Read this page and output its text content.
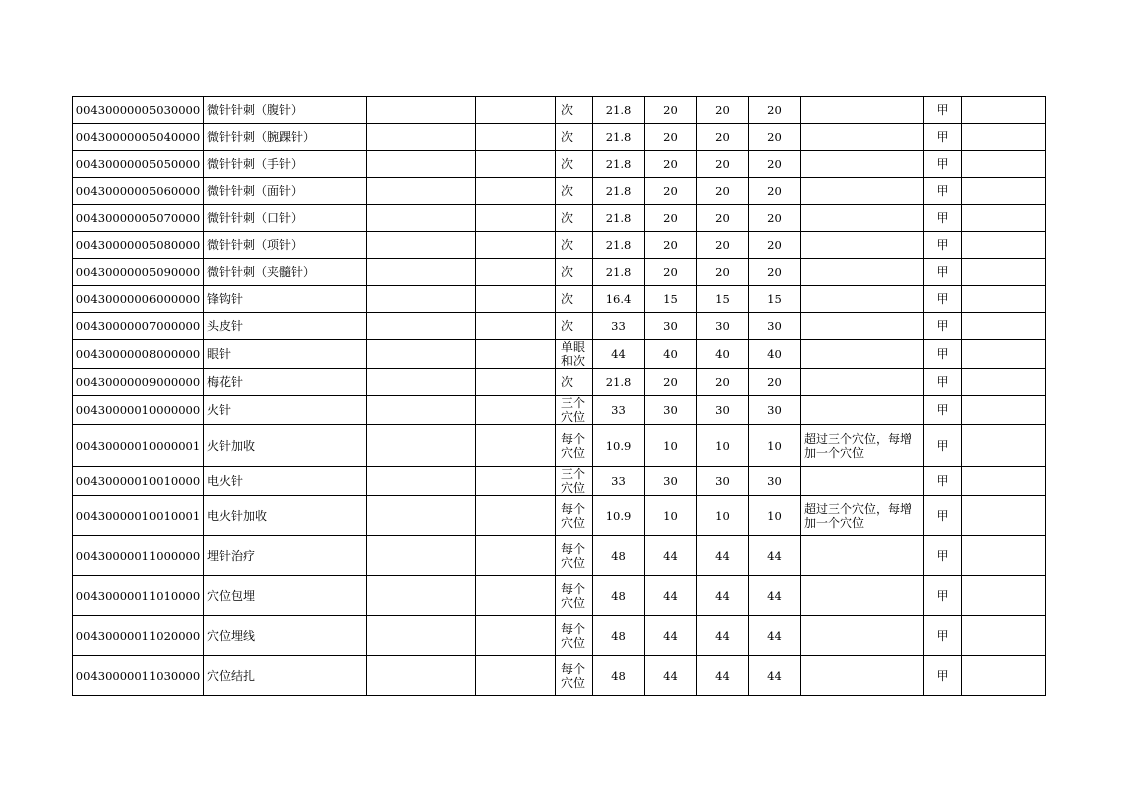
00430000005030000	微针针刺（腹针）			次	21.8	20	20	20		甲	
00430000005040000	微针针刺（腕踝针）			次	21.8	20	20	20		甲	
00430000005050000	微针针刺（手针）			次	21.8	20	20	20		甲	
00430000005060000	微针针刺（面针）			次	21.8	20	20	20		甲	
00430000005070000	微针针刺（口针）			次	21.8	20	20	20		甲	
00430000005080000	微针针刺（项针）			次	21.8	20	20	20		甲	
00430000005090000	微针针刺（夹髓针）			次	21.8	20	20	20		甲	
00430000006000000	锋钩针			次	16.4	15	15	15		甲	
00430000007000000	头皮针			次	33	30	30	30		甲	
00430000008000000	眼针			单眼和次	44	40	40	40		甲	
00430000009000000	梅花针			次	21.8	20	20	20		甲	
00430000010000000	火针			三个穴位	33	30	30	30		甲	
00430000010000001	火针加收			每个穴位	10.9	10	10	10	超过三个穴位，每增加一个穴位	甲	
00430000010010000	电火针			三个穴位	33	30	30	30		甲	
00430000010010001	电火针加收			每个穴位	10.9	10	10	10	超过三个穴位，每增加一个穴位	甲	
00430000011000000	埋针治疗			每个穴位	48	44	44	44		甲	
00430000011010000	穴位包埋			每个穴位	48	44	44	44		甲	
00430000011020000	穴位埋线			每个穴位	48	44	44	44		甲	
00430000011030000	穴位结扎			每个穴位	48	44	44	44		甲	
